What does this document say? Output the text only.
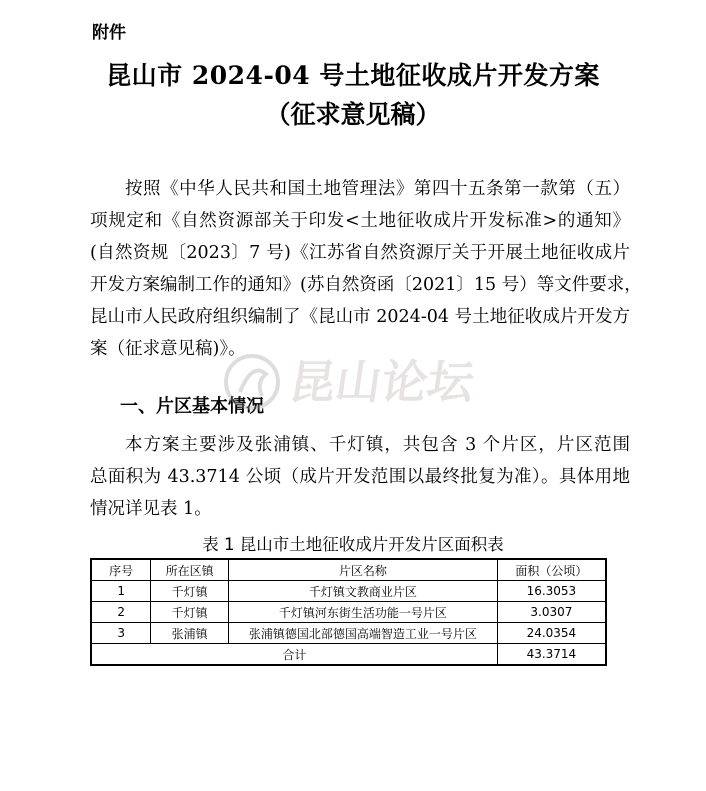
附件
昆山市 2024-04 号土地征收成片开发方案
（征求意见稿）
按照《中华人民共和国土地管理法》第四十五条第一款第（五）
项规定和《自然资源部关于印发<土地征收成片开发标准>的通知》
(自然资规〔2023〕7 号)《江苏省自然资源厅关于开展土地征收成片
开发方案编制工作的通知》(苏自然资函〔2021〕15 号）等文件要求，
昆山市人民政府组织编制了《昆山市 2024-04 号土地征收成片开发方
案（征求意见稿)》。
一、片区基本情况
本方案主要涉及张浦镇、千灯镇，共包含 3 个片区，片区范围
总面积为 43.3714 公顷（成片开发范围以最终批复为准）。具体用地
情况详见表 1。
表 1 昆山市土地征收成片开发片区面积表
序号	所在区镇	片区名称	面积（公顷）
1	千灯镇	千灯镇文教商业片区	16.3053
2	千灯镇	千灯镇河东街生活功能一号片区	3.0307
3	张浦镇	张浦镇德国北部德国高端智造工业一号片区	24.0354
合计			43.3714
昆山论坛
